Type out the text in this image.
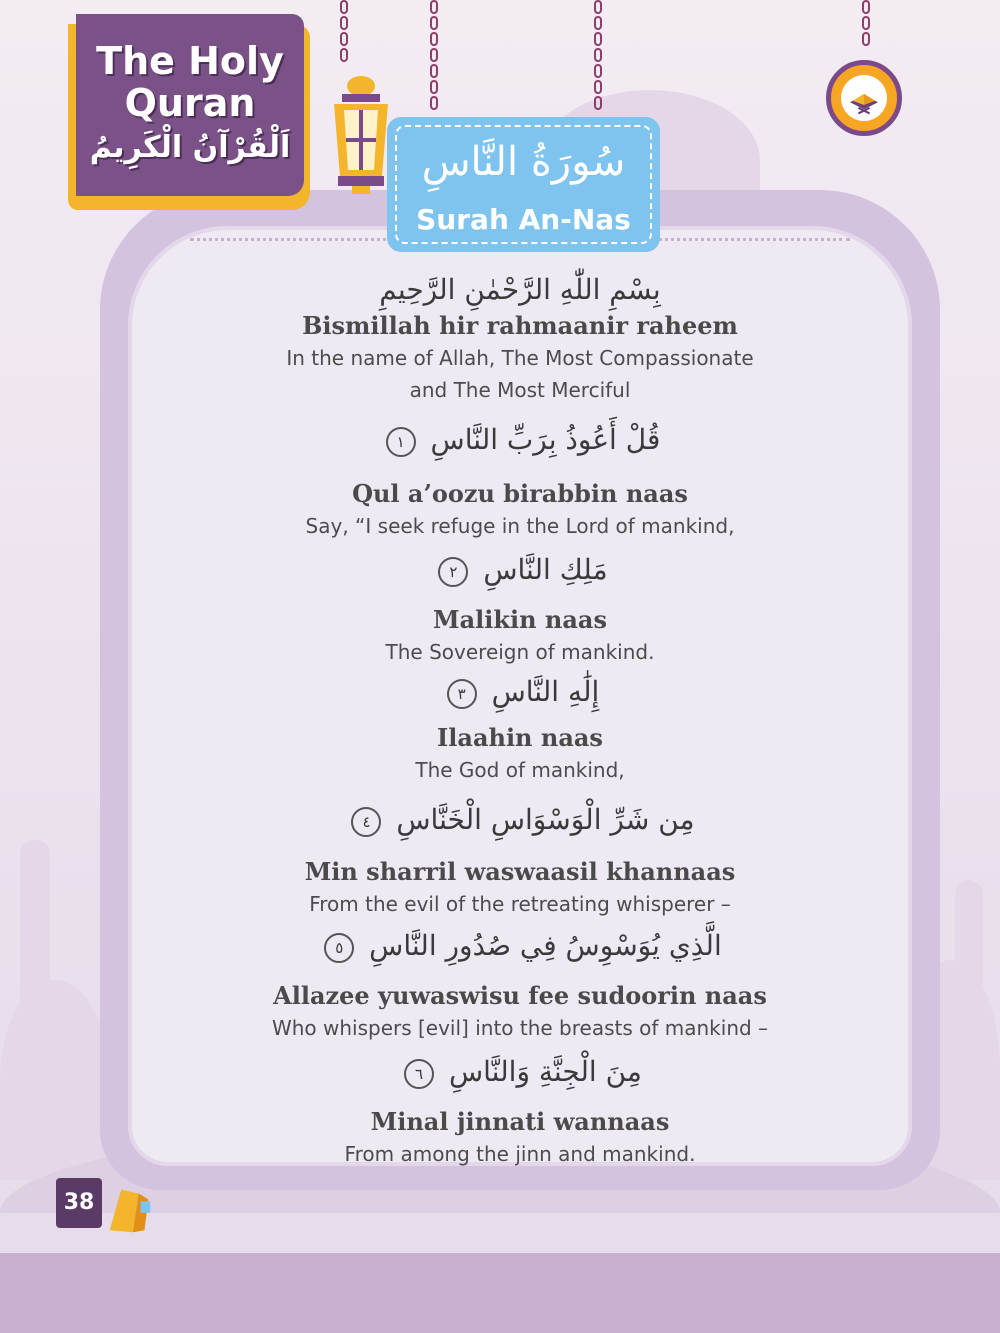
The Holy Quran
اَلْقُرْآنُ الْكَرِيمُ	سُورَةُ النَّاسِ
Surah An-Nas
بِسْمِ اللّٰهِ الرَّحْمٰنِ الرَّحِيمِ
Bismillah hir rahmaanir raheem
In the name of Allah, The Most Compassionate
and The Most Merciful
قُلْ أَعُوذُ بِرَبِّ النَّاسِ ١
Qul a’oozu birabbin naas
Say, “I seek refuge in the Lord of mankind,
مَلِكِ النَّاسِ ٢
Malikin naas
The Sovereign of mankind.
إِلَٰهِ النَّاسِ ٣
Ilaahin naas
The God of mankind,
مِن شَرِّ الْوَسْوَاسِ الْخَنَّاسِ ٤
Min sharril waswaasil khannaas
From the evil of the retreating whisperer –
الَّذِي يُوَسْوِسُ فِي صُدُورِ النَّاسِ ٥
Allazee yuwaswisu fee sudoorin naas
Who whispers [evil] into the breasts of mankind –
مِنَ الْجِنَّةِ وَالنَّاسِ ٦
Minal jinnati wannaas
From among the jinn and mankind.
38
